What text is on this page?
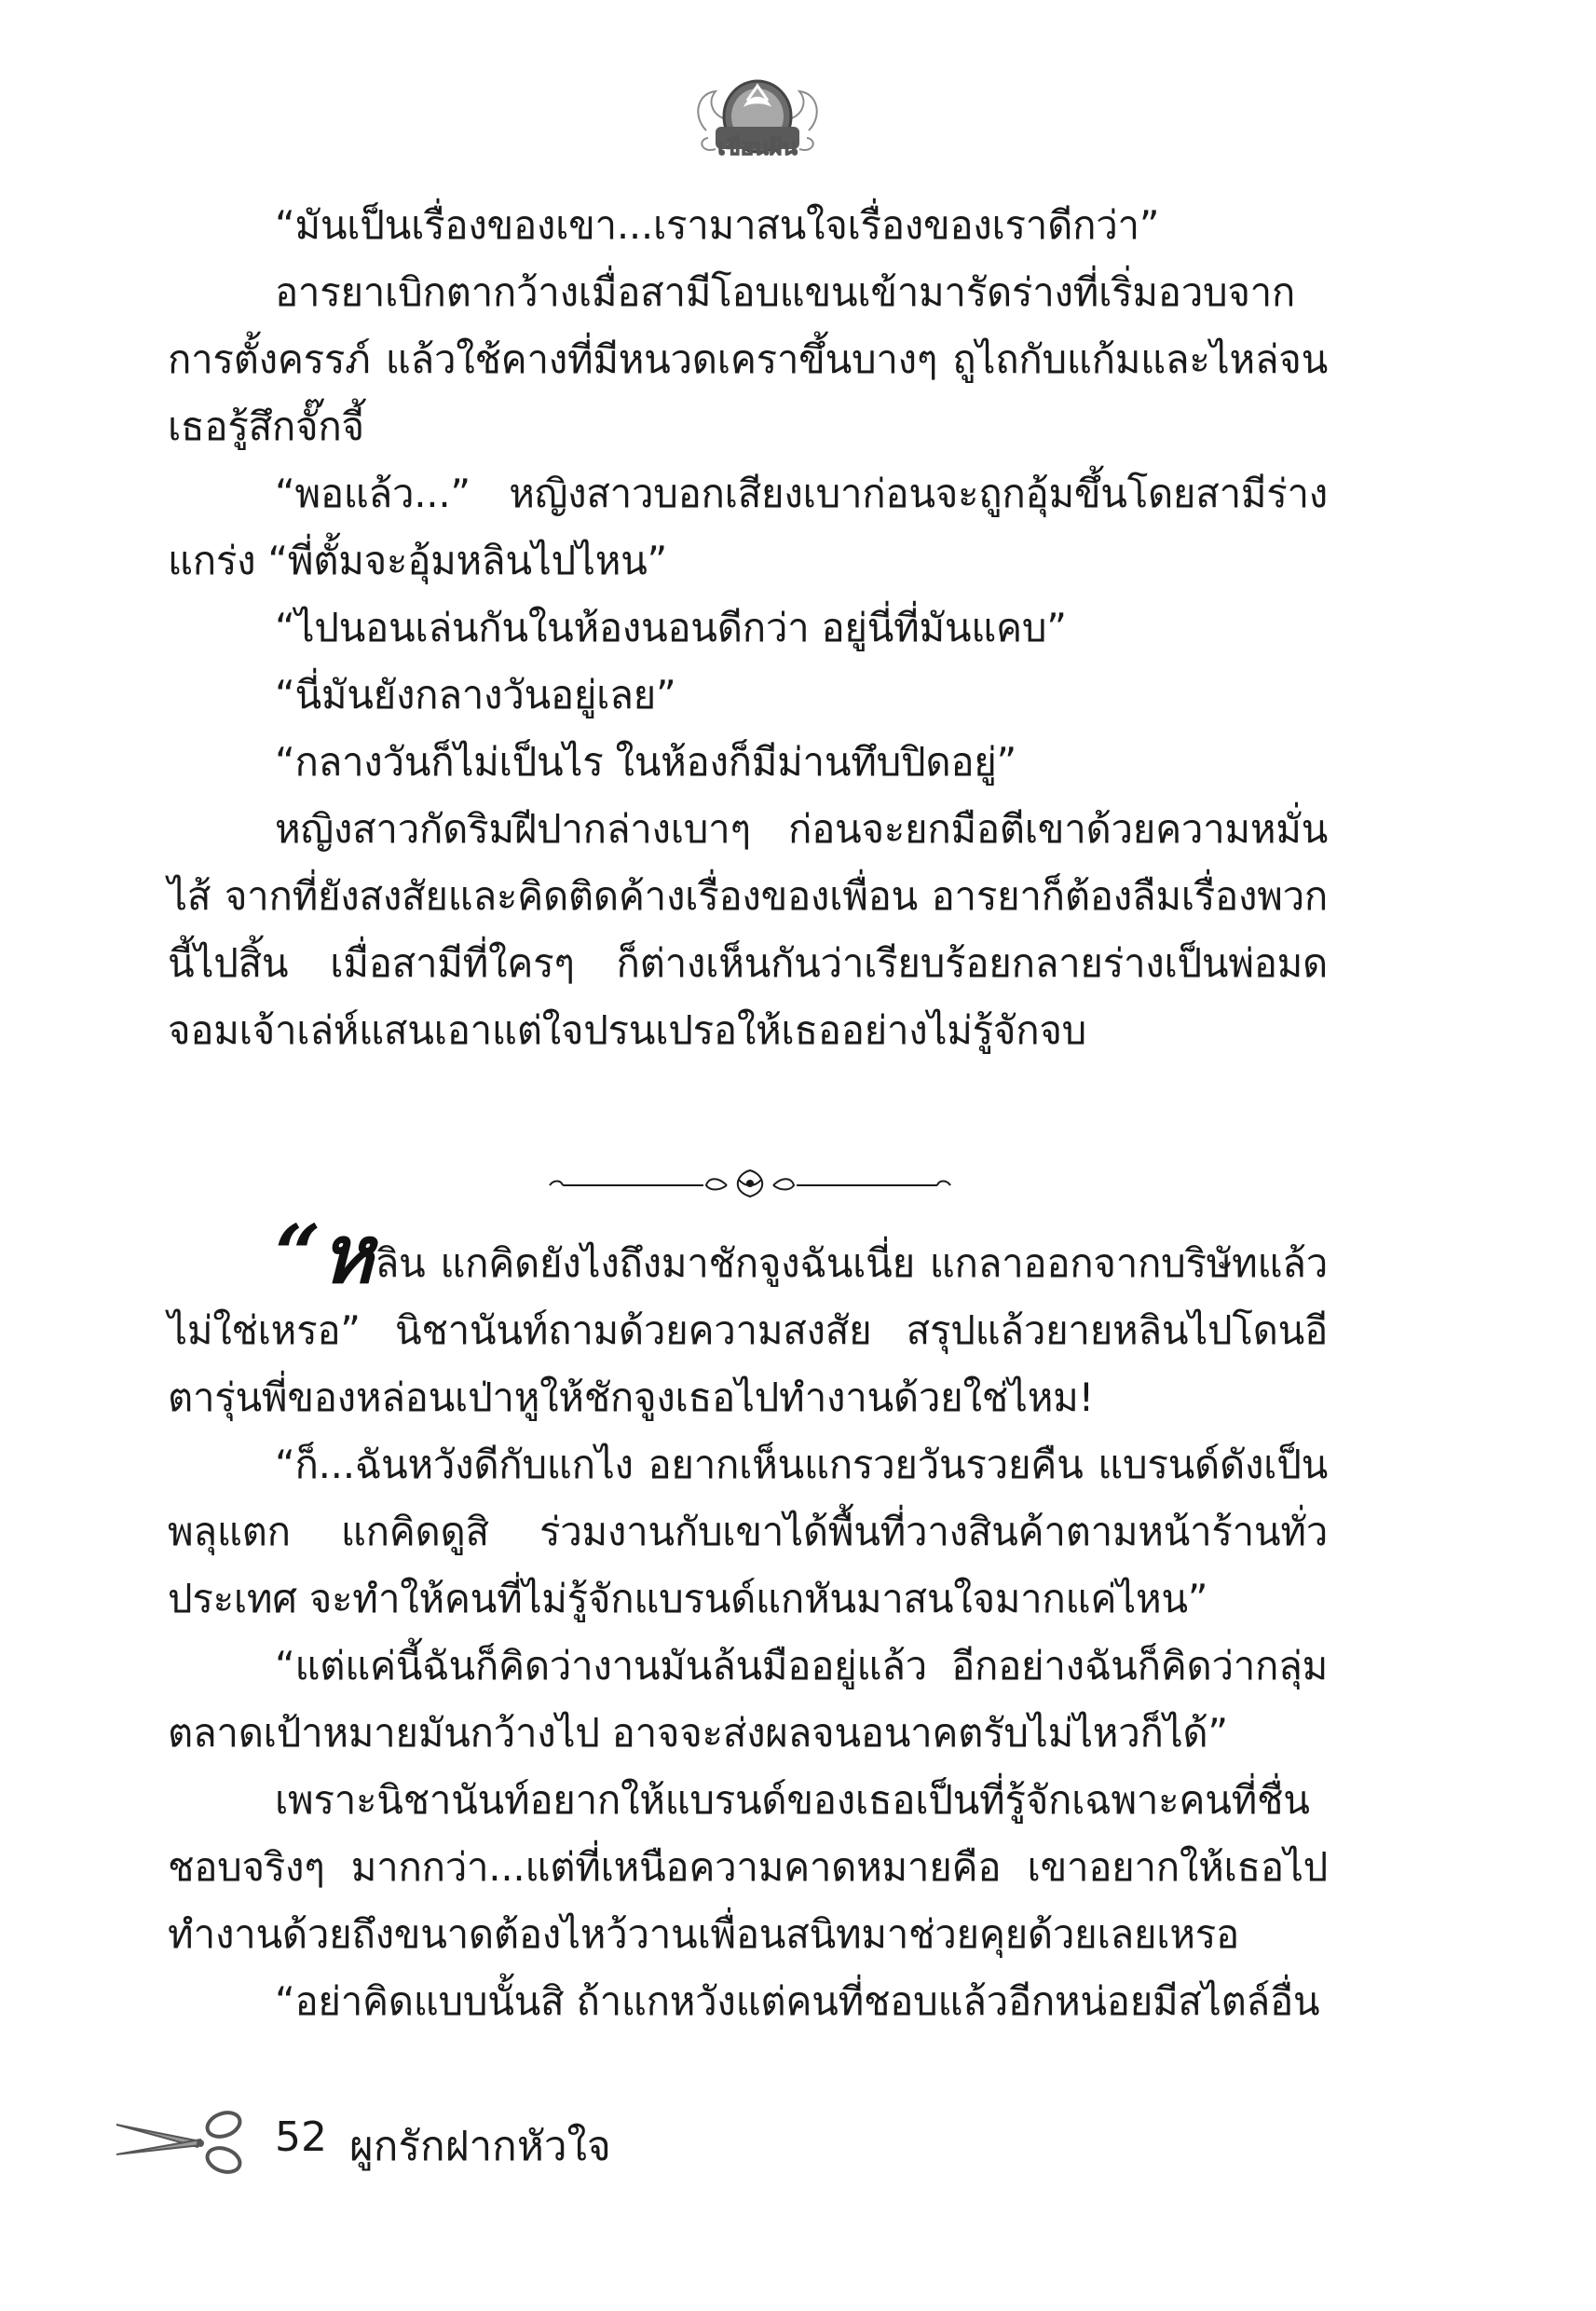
เขียนฝัน

“มันเป็นเรื่องของเขา...เรามาสนใจเรื่องของเราดีกว่า”

อารยาเบิกตากว้างเมื่อสามีโอบแขนเข้ามารัดร่างที่เริ่มอวบจากการตั้งครรภ์ แล้วใช้คางที่มีหนวดเคราขึ้นบางๆ ถูไถกับแก้มและไหล่จนเธอรู้สึกจั๊กจี้

“พอแล้ว...” หญิงสาวบอกเสียงเบาก่อนจะถูกอุ้มขึ้นโดยสามีร่างแกร่ง “พี่ตั้มจะอุ้มหลินไปไหน”

“ไปนอนเล่นกันในห้องนอนดีกว่า อยู่นี่ที่มันแคบ”

“นี่มันยังกลางวันอยู่เลย”

“กลางวันก็ไม่เป็นไร ในห้องก็มีม่านทึบปิดอยู่”

หญิงสาวกัดริมฝีปากล่างเบาๆ ก่อนจะยกมือตีเขาด้วยความหมั่นไส้ จากที่ยังสงสัยและคิดติดค้างเรื่องของเพื่อน อารยาก็ต้องลืมเรื่องพวกนี้ไปสิ้น เมื่อสามีที่ใครๆ ก็ต่างเห็นกันว่าเรียบร้อยกลายร่างเป็นพ่อมดจอมเจ้าเล่ห์แสนเอาแต่ใจปรนเปรอให้เธออย่างไม่รู้จักจบ

“หลิน แกคิดยังไงถึงมาชักจูงฉันเนี่ย แกลาออกจากบริษัทแล้วไม่ใช่เหรอ” นิชานันท์ถามด้วยความสงสัย สรุปแล้วยายหลินไปโดนอีตารุ่นพี่ของหล่อนเป่าหูให้ชักจูงเธอไปทำงานด้วยใช่ไหม!

“ก็...ฉันหวังดีกับแกไง อยากเห็นแกรวยวันรวยคืน แบรนด์ดังเป็นพลุแตก แกคิดดูสิ ร่วมงานกับเขาได้พื้นที่วางสินค้าตามหน้าร้านทั่วประเทศ จะทำให้คนที่ไม่รู้จักแบรนด์แกหันมาสนใจมากแค่ไหน”

“แต่แค่นี้ฉันก็คิดว่างานมันล้นมืออยู่แล้ว อีกอย่างฉันก็คิดว่ากลุ่มตลาดเป้าหมายมันกว้างไป อาจจะส่งผลจนอนาคตรับไม่ไหวก็ได้”

เพราะนิชานันท์อยากให้แบรนด์ของเธอเป็นที่รู้จักเฉพาะคนที่ชื่นชอบจริงๆ มากกว่า...แต่ที่เหนือความคาดหมายคือ เขาอยากให้เธอไปทำงานด้วยถึงขนาดต้องไหว้วานเพื่อนสนิทมาช่วยคุยด้วยเลยเหรอ

“อย่าคิดแบบนั้นสิ ถ้าแกหวังแต่คนที่ชอบแล้วอีกหน่อยมีสไตล์อื่น

52 ผูกรักฝากหัวใจ
